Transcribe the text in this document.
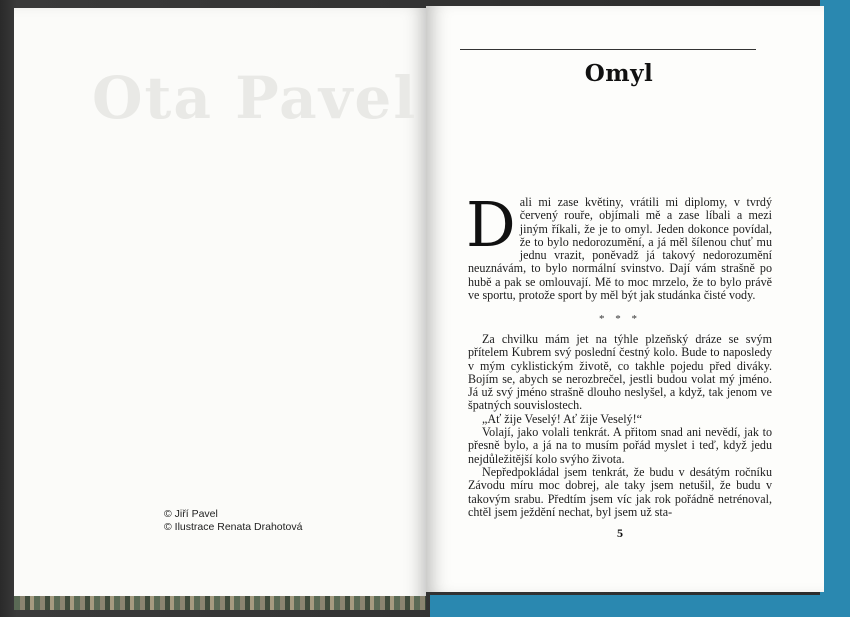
Ota Pavel
© Jiří Pavel
© Ilustrace Renata Drahotová
Omyl
Dali mi zase květiny, vrátili mi diplomy, v tvrdý červený rouře, objímali mě a zase líbali a mezi jiným říkali, že je to omyl. Jeden dokonce povídal, že to bylo nedorozumění, a já měl šílenou chuť mu jednu vrazit, poněvadž já takový nedorozumění neuznávám, to bylo normální svinstvo. Dají vám strašně po hubě a pak se omlouvají. Mě to moc mrzelo, že to bylo právě ve sportu, protože sport by měl být jak studánka čisté vody.
* * *

Za chvilku mám jet na týhle plzeňský dráze se svým přítelem Kubrem svý poslední čestný kolo. Bude to naposledy v mým cyklistickým životě, co takhle pojedu před diváky. Bojím se, abych se nerozbrečel, jestli budou volat mý jméno. Já už svý jméno strašně dlouho neslyšel, a když, tak jenom ve špatných souvislostech.

„Ať žije Veselý! Ať žije Veselý!“

Volají, jako volali tenkrát. A přitom snad ani nevědí, jak to přesně bylo, a já na to musím pořád myslet i teď, když jedu nejdůležitější kolo svýho života.

Nepředpokládal jsem tenkrát, že budu v desátým ročníku Závodu míru moc dobrej, ale taky jsem netušil, že budu v takovým srabu. Předtím jsem víc jak rok pořádně netrénoval, chtěl jsem ježdění nechat, byl jsem už sta-

5
